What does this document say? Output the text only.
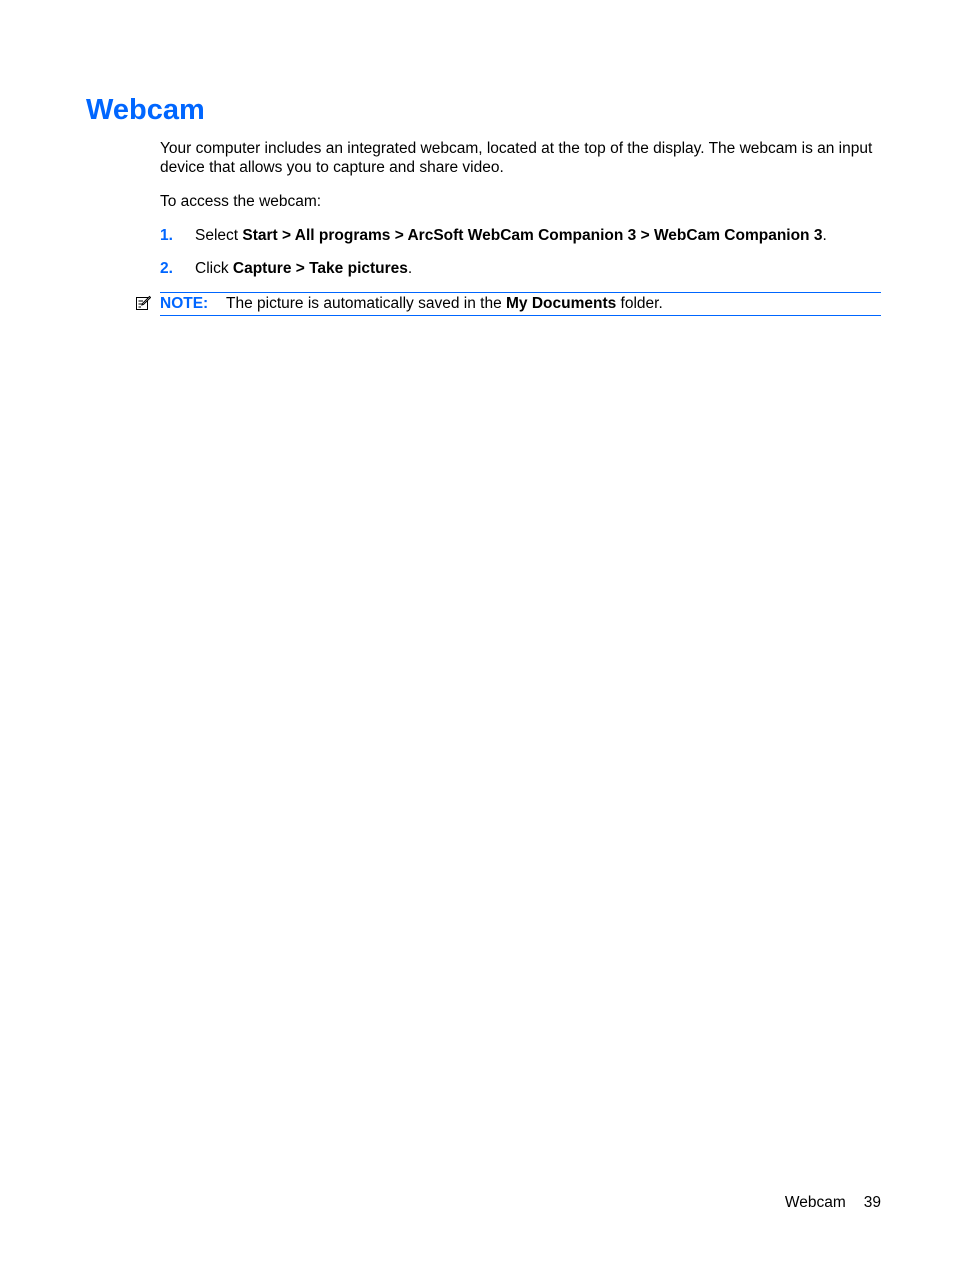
Webcam

Your computer includes an integrated webcam, located at the top of the display. The webcam is an input device that allows you to capture and share video.

To access the webcam:

1. Select Start > All programs > ArcSoft WebCam Companion 3 > WebCam Companion 3.
2. Click Capture > Take pictures.
NOTE: The picture is automatically saved in the My Documents folder.
Webcam 39
